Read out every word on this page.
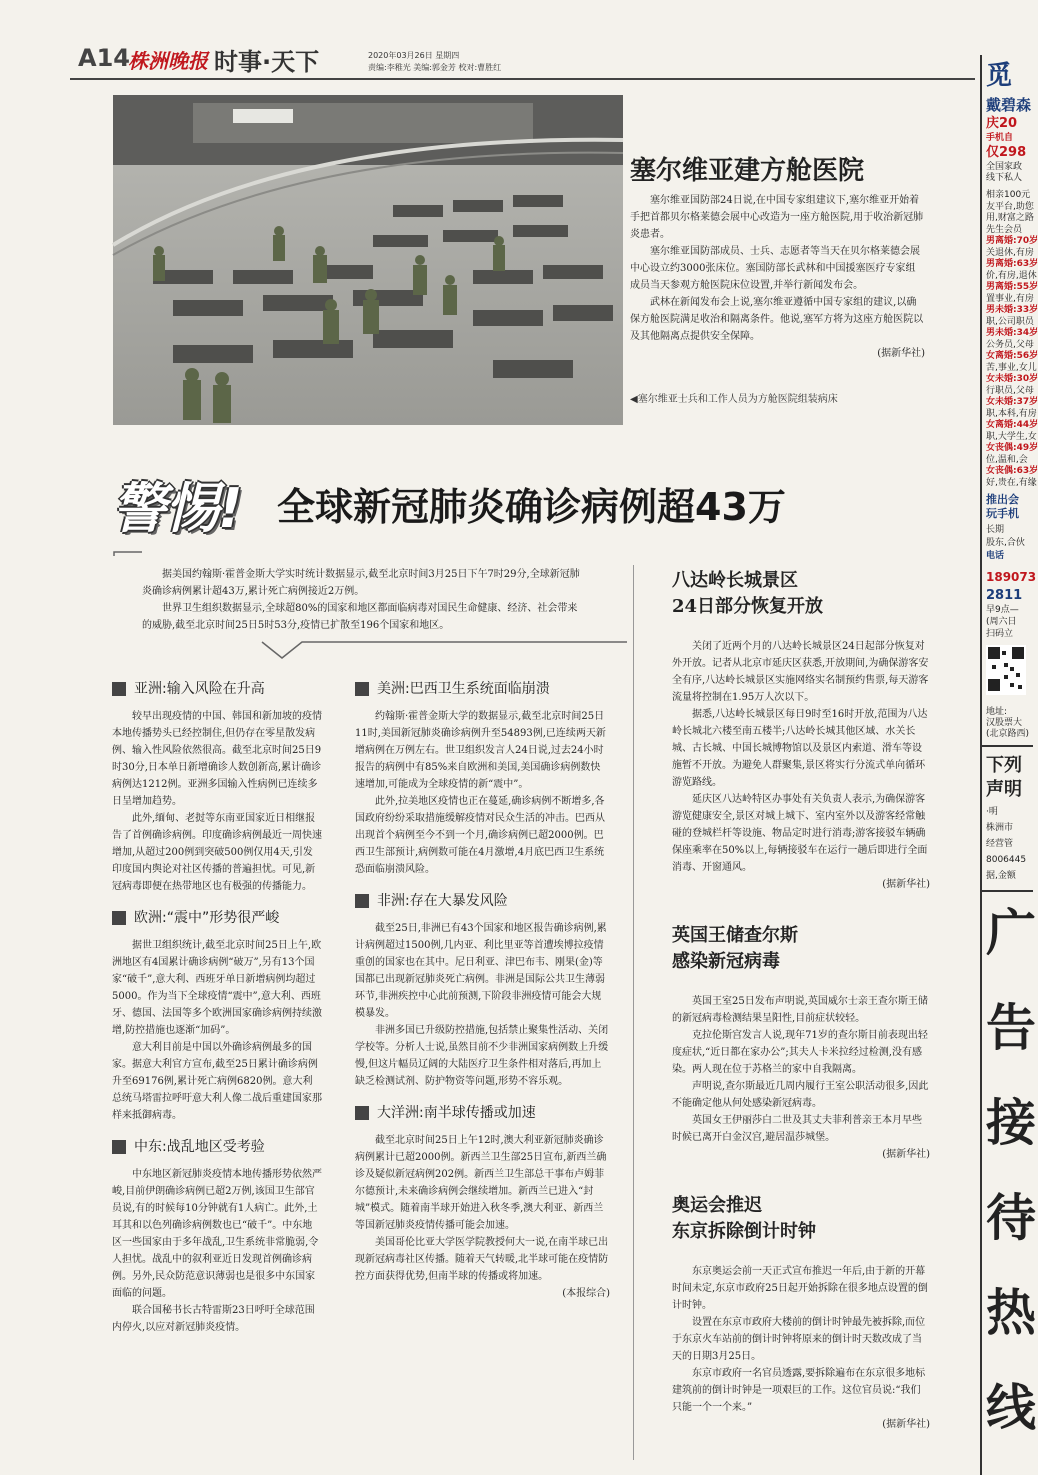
A14
株洲晚报 时事·天下	2020年03月26日 星期四
责编:李稚光 美编:郭金芳 校对:曹胜红
◀塞尔维亚士兵和工作人员为方舱医院组装病床
塞尔维亚建方舱医院

塞尔维亚国防部24日说,在中国专家组建议下,塞尔维亚开始着手把首都贝尔格莱德会展中心改造为一座方舱医院,用于收治新冠肺炎患者。

塞尔维亚国防部成员、士兵、志愿者等当天在贝尔格莱德会展中心设立约3000张床位。塞国防部长武林和中国援塞医疗专家组成员当天参观方舱医院床位设置,并举行新闻发布会。

武林在新闻发布会上说,塞尔维亚遵循中国专家组的建议,以确保方舱医院满足收治和隔离条件。他说,塞军方将为这座方舱医院以及其他隔离点提供安全保障。

(据新华社)

警惕! 全球新冠肺炎确诊病例超43万

据美国约翰斯·霍普金斯大学实时统计数据显示,截至北京时间3月25日下午7时29分,全球新冠肺炎确诊病例累计超43万,累计死亡病例接近2万例。

世界卫生组织数据显示,全球超80%的国家和地区都面临病毒对国民生命健康、经济、社会带来的威胁,截至北京时间25日5时53分,疫情已扩散至196个国家和地区。

亚洲:输入风险在升高

较早出现疫情的中国、韩国和新加坡的疫情本地传播势头已经控制住,但仍存在零星散发病例、输入性风险依然很高。截至北京时间25日9时30分,日本单日新增确诊人数创新高,累计确诊病例达1212例。亚洲多国输入性病例已连续多日呈增加趋势。

此外,缅甸、老挝等东南亚国家近日相继报告了首例确诊病例。印度确诊病例最近一周快速增加,从超过200例到突破500例仅用4天,引发印度国内舆论对社区传播的普遍担忧。可见,新冠病毒即便在热带地区也有极强的传播能力。

欧洲:“震中”形势很严峻

据世卫组织统计,截至北京时间25日上午,欧洲地区有4国累计确诊病例“破万”,另有13个国家“破千”,意大利、西班牙单日新增病例均超过5000。作为当下全球疫情“震中”,意大利、西班牙、德国、法国等多个欧洲国家确诊病例持续激增,防控措施也逐渐“加码”。

意大利目前是中国以外确诊病例最多的国家。据意大利官方宣布,截至25日累计确诊病例升至69176例,累计死亡病例6820例。意大利总统马塔雷拉呼吁意大利人像二战后重建国家那样来抵御病毒。

中东:战乱地区受考验

中东地区新冠肺炎疫情本地传播形势依然严峻,目前伊朗确诊病例已超2万例,该国卫生部官员说,有的时候每10分钟就有1人病亡。此外,土耳其和以色列确诊病例数也已“破千”。中东地区一些国家由于多年战乱,卫生系统非常脆弱,令人担忧。战乱中的叙利亚近日发现首例确诊病例。另外,民众防范意识薄弱也是很多中东国家面临的问题。

联合国秘书长古特雷斯23日呼吁全球范围内停火,以应对新冠肺炎疫情。

美洲:巴西卫生系统面临崩溃

约翰斯·霍普金斯大学的数据显示,截至北京时间25日11时,美国新冠肺炎确诊病例升至54893例,已连续两天新增病例在万例左右。世卫组织发言人24日说,过去24小时报告的病例中有85%来自欧洲和美国,美国确诊病例数快速增加,可能成为全球疫情的新“震中”。

此外,拉美地区疫情也正在蔓延,确诊病例不断增多,各国政府纷纷采取措施缓解疫情对民众生活的冲击。巴西从出现首个病例至今不到一个月,确诊病例已超2000例。巴西卫生部预计,病例数可能在4月激增,4月底巴西卫生系统恐面临崩溃风险。

非洲:存在大暴发风险

截至25日,非洲已有43个国家和地区报告确诊病例,累计病例超过1500例,几内亚、利比里亚等首遭埃博拉疫情重创的国家也在其中。尼日利亚、津巴布韦、刚果(金)等国都已出现新冠肺炎死亡病例。非洲是国际公共卫生薄弱环节,非洲疾控中心此前预测,下阶段非洲疫情可能会大规模暴发。

非洲多国已升级防控措施,包括禁止聚集性活动、关闭学校等。分析人士说,虽然目前不少非洲国家病例数上升缓慢,但这片幅员辽阔的大陆医疗卫生条件相对落后,再加上缺乏检测试剂、防护物资等问题,形势不容乐观。

大洋洲:南半球传播或加速

截至北京时间25日上午12时,澳大利亚新冠肺炎确诊病例累计已超2000例。新西兰卫生部25日宣布,新西兰确诊及疑似新冠病例202例。新西兰卫生部总干事布卢姆菲尔德预计,未来确诊病例会继续增加。新西兰已进入“封城”模式。随着南半球开始进入秋冬季,澳大利亚、新西兰等国新冠肺炎疫情传播可能会加速。

美国哥伦比亚大学医学院教授何大一说,在南半球已出现新冠病毒社区传播。随着天气转暖,北半球可能在疫情防控方面获得优势,但南半球的传播或将加速。

(本报综合)

八达岭长城景区
24日部分恢复开放

关闭了近两个月的八达岭长城景区24日起部分恢复对外开放。记者从北京市延庆区获悉,开放期间,为确保游客安全有序,八达岭长城景区实施网络实名制预约售票,每天游客流量将控制在1.95万人次以下。

据悉,八达岭长城景区每日9时至16时开放,范围为八达岭长城北六楼至南五楼半;八达岭长城其他区域、水关长城、古长城、中国长城博物馆以及景区内索道、滑车等设施暂不开放。为避免人群聚集,景区将实行分流式单向循环游览路线。

延庆区八达岭特区办事处有关负责人表示,为确保游客游览健康安全,景区对城上城下、室内室外以及游客经常触碰的登城栏杆等设施、物品定时进行消毒;游客接驳车辆确保座乘率在50%以上,每辆接驳车在运行一趟后即进行全面消毒、开窗通风。

(据新华社)

英国王储查尔斯
感染新冠病毒

英国王室25日发布声明说,英国威尔士亲王查尔斯王储的新冠病毒检测结果呈阳性,目前症状较轻。

克拉伦斯宫发言人说,现年71岁的查尔斯目前表现出轻度症状,“近日都在家办公”;其夫人卡米拉经过检测,没有感染。两人现在位于苏格兰的家中自我隔离。

声明说,查尔斯最近几周内履行王室公职活动很多,因此不能确定他从何处感染新冠病毒。

英国女王伊丽莎白二世及其丈夫菲利普亲王本月早些时候已离开白金汉宫,避居温莎城堡。

(据新华社)

奥运会推迟
东京拆除倒计时钟

东京奥运会前一天正式宣布推迟一年后,由于新的开幕时间未定,东京市政府25日起开始拆除在很多地点设置的倒计时钟。

设置在东京市政府大楼前的倒计时钟最先被拆除,而位于东京火车站前的倒计时钟将原来的倒计时天数改成了当天的日期3月25日。

东京市政府一名官员透露,要拆除遍布在东京很多地标建筑前的倒计时钟是一项艰巨的工作。这位官员说:“我们只能一个一个来。”

(据新华社)

觅
戴碧森
庆20
手机自
仅298
全国家政
线下私人
相亲100元
友平台,助您
用,财富之路
先生会员
男离婚:70岁
关退休,有房
男离婚:63岁
价,有房,退休
男离婚:55岁
置事业,有房
男未婚:33岁
职,公司职员
男未婚:34岁
公务员,父母
女离婚:56岁
苦,事业,女儿
女未婚:30岁
行职员,父母
女未婚:37岁
职,本科,有房
女离婚:44岁
职,大学生,女
女丧偶:49岁
位,温和,会
女丧偶:63岁
好,贵在,有缘
推出会
玩手机
长期
股东,合伙
电话
189073
2811
早9点—
(周六日
扫码立
地址:
汉股票大
(北京路西)
下列
声明
·明
株洲市
经营管
8006445
据,金额
广
告
接
待
热
线
